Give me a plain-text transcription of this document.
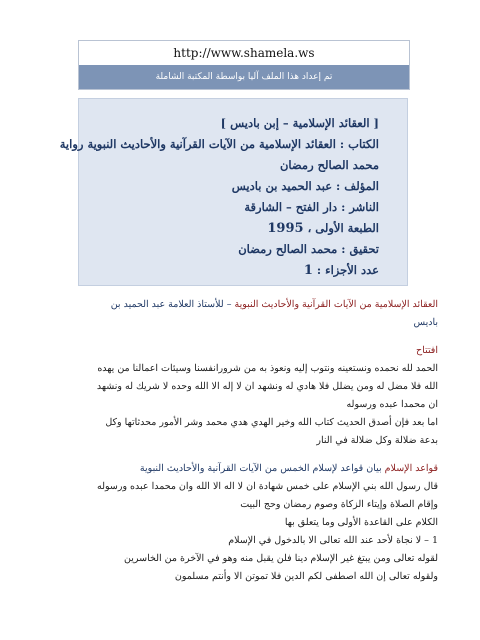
http://www.shamela.ws
تم إعداد هذا الملف آليا بواسطة المكتبة الشاملة
[ العقائد الإسلامية – إبن باديس ]
الكتاب : العقائد الإسلامية من الآيات القرآنية والأحاديث النبوية رواية
محمد الصالح رمضان
المؤلف : عبد الحميد بن باديس
الناشر : دار الفتح – الشارقة
الطبعة الأولى ، 1995
تحقيق : محمد الصالح رمضان
عدد الأجزاء : 1

العقائد الإسلامية من الآيات القرآنية والأحاديث النبوية – للأستاذ العلامة عبد الحميد بن

باديس

افتتاح

الحمد لله نحمده ونستعينه ونتوب إليه ونعوذ به من شرورانفسنا وسيئات اعمالنا من يهده

الله فلا مضل له ومن يضلل فلا هادي له ونشهد ان لا إله الا الله وحده لا شريك له ونشهد

ان محمدا عبده ورسوله

اما بعد فإن أصدق الحديث كتاب الله وخير الهدي هدي محمد وشر الأمور محدثاتها وكل

بدعة ضلالة وكل ضلالة في النار

قواعد الإسلام بيان قواعد لإسلام الخمس من الآيات القرآنية والأحاديث النبوية

قال رسول الله بني الإسلام على خمس شهادة ان لا اله الا الله وان محمدا عبده ورسوله

وإقام الصلاة وإيتاء الزكاة وصوم رمضان وحج البيت

الكلام على القاعدة الأولى وما يتعلق بها

1 – لا نجاة لأحد عند الله تعالى الا بالدخول في الإسلام

لقوله تعالى ومن يبتغ غير الإسلام دينا فلن يقبل منه وهو في الآخرة من الخاسرين

ولقوله تعالى إن الله اصطفى لكم الدين فلا تموتن الا وأنتم مسلمون
